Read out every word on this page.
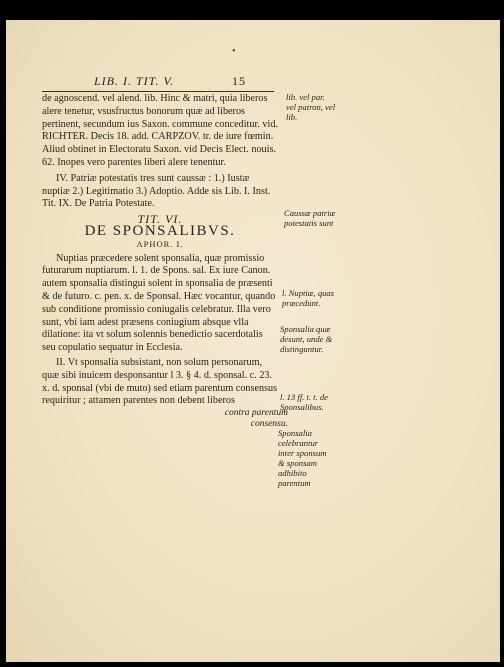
•
LIB. I. TIT. V.	15

de agnoscend. vel alend. lib. Hinc & matri, quia liberos alere tenetur, vsusfructus bonorum quæ ad liberos pertinent, secundum ius Saxon. commune conceditur. vid. RICHTER. Decis 18. add. CARPZOV. tr. de iure fœmin. Aliud obtinet in Electoratu Saxon. vid Decis Elect. nouis. 62. Inopes vero parentes liberi alere tenentur.

IV. Patriæ potestatis tres sunt caussæ : 1.) Iustæ nuptiæ 2.) Legitimatio 3.) Adoptio. Adde sis Lib. I. Inst. Tit. IX. De Patria Potestate.

TIT. VI.
DE SPONSALIBVS.
APHOR. I.

Nuptias præcedere solent sponsalia, quæ promissio futurarum nuptiarum. l. 1. de Spons. sal. Ex iure Canon. autem sponsalia distingui solent in sponsalia de præsenti & de futuro. c. pen. x. de Sponsal. Hæc vocantur, quando sub conditione promissio coniugalis celebratur. Illa vero sunt, vbi iam adest præsens coniugium absque vlla dilatione: ita vt solum solennis benedictio sacerdotalis seu copulatio sequatur in Ecclesia.

II. Vt sponsalia subsistant, non solum personarum, quæ sibi inuicem desponsantur l 3. § 4. d. sponsal. c. 23. x. d. sponsal (vbi de muto) sed etiam parentum consensus requiritur ; attamen parentes non debent liberos

contra parentum
consensu.
lib. vel par. vel patron, vel lib.
Caussæ patriæ potestatis sunt
l. Nuptiæ, quas præcedunt.
Sponsalia quæ desunt, unde & distinguntur.
l. 13 ff. t. t. de Sponsalibus.
Sponsalia celebrantur inter sponsum & sponsam adhibito parentum
